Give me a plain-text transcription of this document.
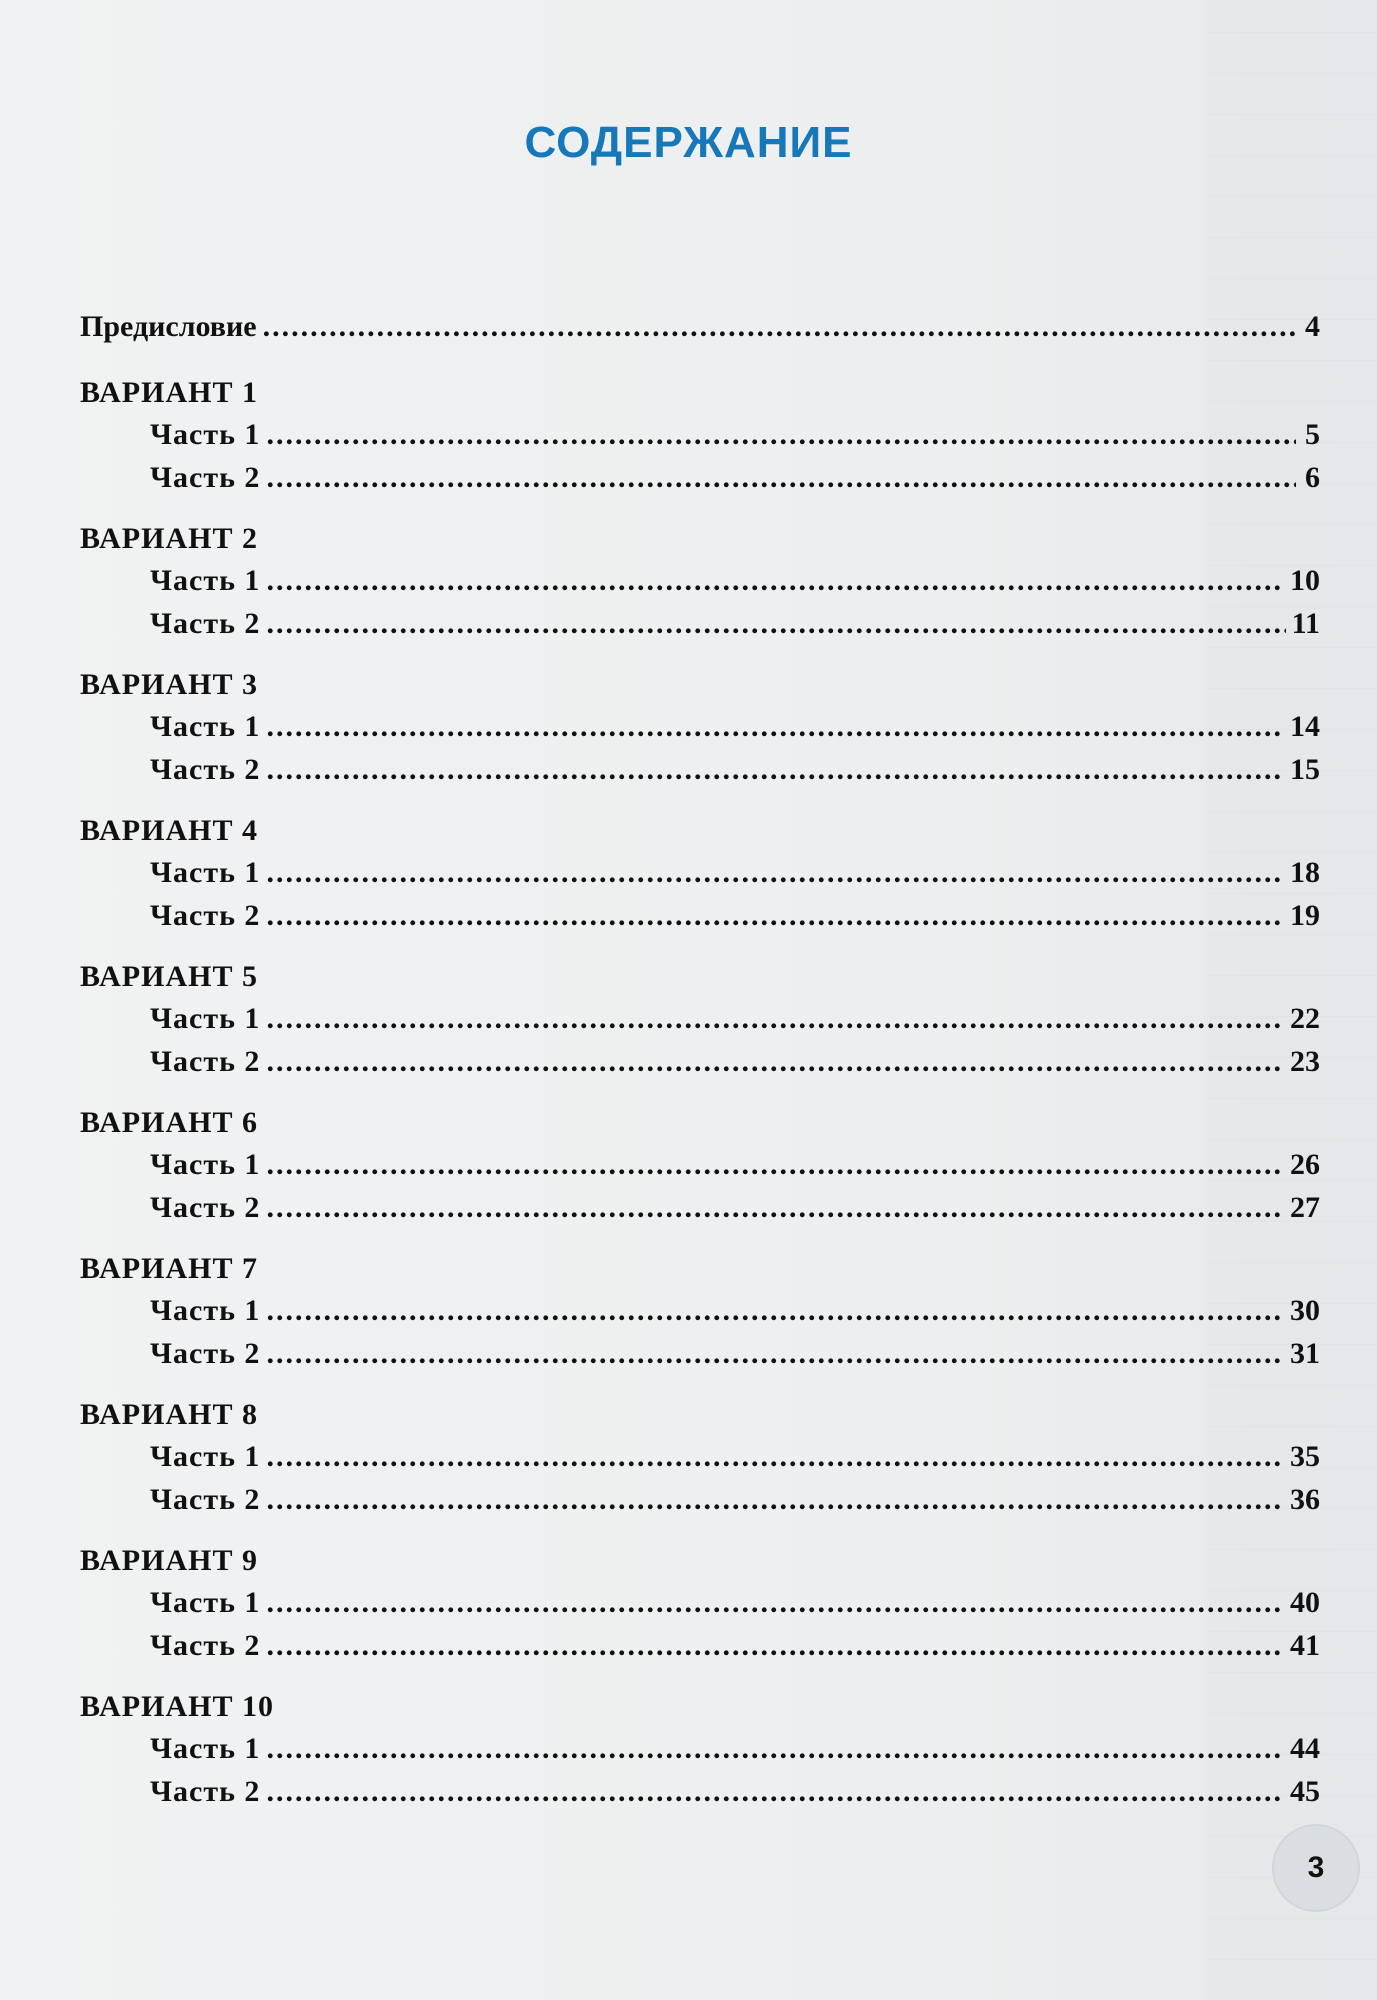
СОДЕРЖАНИЕ
Предисловие .....	4
ВАРИАНТ 1
Часть 1 .....	5
Часть 2 .....	6
ВАРИАНТ 2
Часть 1 .....	10
Часть 2 .....	11
ВАРИАНТ 3
Часть 1 .....	14
Часть 2 .....	15
ВАРИАНТ 4
Часть 1 .....	18
Часть 2 .....	19
ВАРИАНТ 5
Часть 1 .....	22
Часть 2 .....	23
ВАРИАНТ 6
Часть 1 .....	26
Часть 2 .....	27
ВАРИАНТ 7
Часть 1 .....	30
Часть 2 .....	31
ВАРИАНТ 8
Часть 1 .....	35
Часть 2 .....	36
ВАРИАНТ 9
Часть 1 .....	40
Часть 2 .....	41
ВАРИАНТ 10
Часть 1 .....	44
Часть 2 .....	45
3
